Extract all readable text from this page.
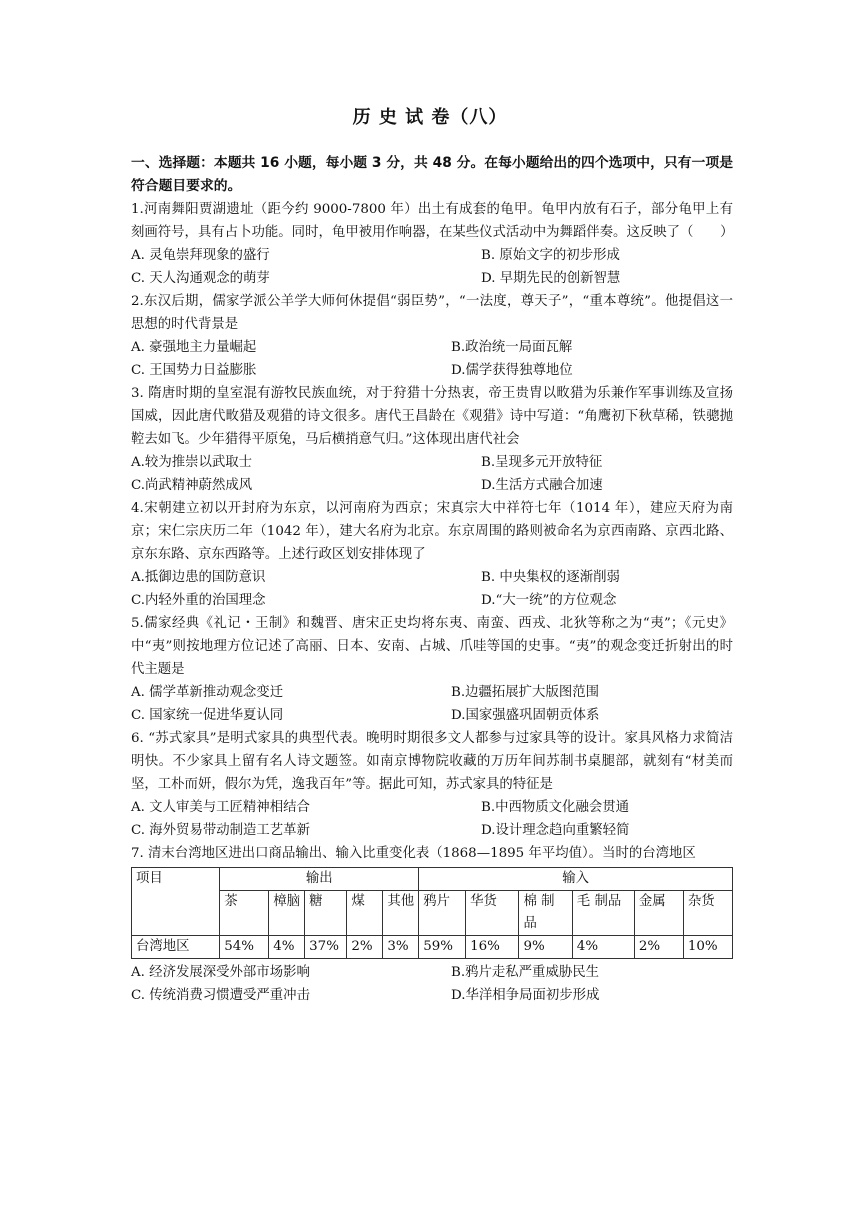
历 史 试 卷（八）

一、选择题：本题共 16 小题，每小题 3 分，共 48 分。在每小题给出的四个选项中，只有一项是符合题目要求的。

1.河南舞阳贾湖遗址（距今约 9000-7800 年）出土有成套的龟甲。龟甲内放有石子，部分龟甲上有刻画符号，具有占卜功能。同时，龟甲被用作响器，在某些仪式活动中为舞蹈伴奏。这反映了（　　）

A. 灵龟崇拜现象的盛行	B. 原始文字的初步形成
C. 天人沟通观念的萌芽	D. 早期先民的创新智慧

2.东汉后期，儒家学派公羊学大师何休提倡“弱臣势”，“一法度，尊天子”，“重本尊统”。他提倡这一思想的时代背景是

A. 豪强地主力量崛起	B.政治统一局面瓦解
C. 王国势力日益膨胀	D.儒学获得独尊地位

3. 隋唐时期的皇室混有游牧民族血统，对于狩猎十分热衷，帝王贵胄以畋猎为乐兼作军事训练及宣扬国威，因此唐代畋猎及观猎的诗文很多。唐代王昌龄在《观猎》诗中写道：“角鹰初下秋草稀，铁骢抛鞚去如飞。少年猎得平原兔，马后横捎意气归。”这体现出唐代社会

A.较为推崇以武取士	B.呈现多元开放特征
C.尚武精神蔚然成风	D.生活方式融合加速

4.宋朝建立初以开封府为东京，以河南府为西京；宋真宗大中祥符七年（1014 年），建应天府为南京；宋仁宗庆历二年（1042 年），建大名府为北京。东京周围的路则被命名为京西南路、京西北路、京东东路、京东西路等。上述行政区划安排体现了

A.抵御边患的国防意识	B. 中央集权的逐渐削弱
C.内轻外重的治国理念	D.“大一统”的方位观念

5.儒家经典《礼记・王制》和魏晋、唐宋正史均将东夷、南蛮、西戎、北狄等称之为“夷”；《元史》中“夷”则按地理方位记述了高丽、日本、安南、占城、爪哇等国的史事。“夷”的观念变迁折射出的时代主题是

A. 儒学革新推动观念变迁	B.边疆拓展扩大版图范围
C. 国家统一促进华夏认同	D.国家强盛巩固朝贡体系

6. “苏式家具”是明式家具的典型代表。晚明时期很多文人都参与过家具等的设计。家具风格力求简洁明快。不少家具上留有名人诗文题签。如南京博物院收藏的万历年间苏制书桌腿部，就刻有“材美而坚，工朴而妍，假尔为凭，逸我百年”等。据此可知，苏式家具的特征是

A. 文人审美与工匠精神相结合	B.中西物质文化融会贯通
C. 海外贸易带动制造工艺革新	D.设计理念趋向重繁轻简

7. 清末台湾地区进出口商品输出、输入比重变化表（1868—1895 年平均值）。当时的台湾地区

项目	输出					输入					
	茶	樟脑	糖	煤	其他	鸦片	华货	棉 制品	毛 制品	金属	杂货
台湾地区	54%	4%	37%	2%	3%	59%	16%	9%	4%	2%	10%
A. 经济发展深受外部市场影响	B.鸦片走私严重威胁民生
C. 传统消费习惯遭受严重冲击	D.华洋相争局面初步形成
